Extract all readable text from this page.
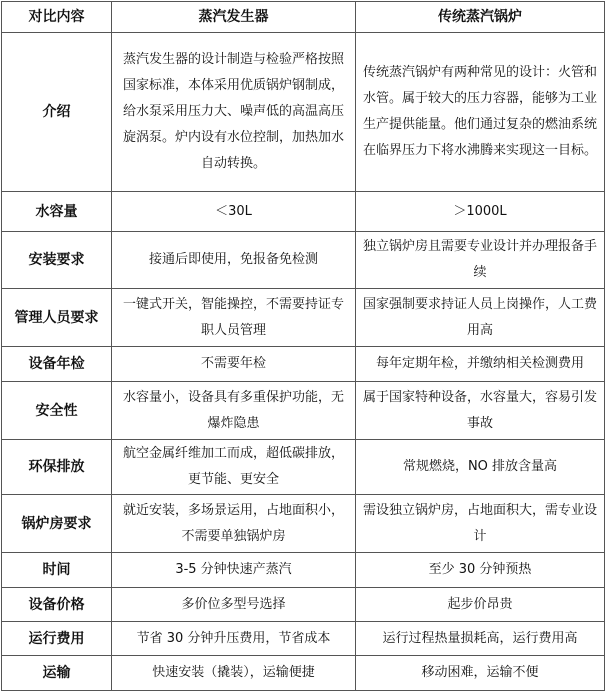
对比内容	蒸汽发生器	传统蒸汽锅炉
介绍	蒸汽发生器的设计制造与检验严格按照国家标准，本体采用优质锅炉钢制成，给水泵采用压力大、噪声低的高温高压旋涡泵。炉内设有水位控制，加热加水自动转换。	传统蒸汽锅炉有两种常见的设计：火管和水管。属于较大的压力容器，能够为工业生产提供能量。他们通过复杂的燃油系统在临界压力下将水沸腾来实现这一目标。
水容量	＜30L	＞1000L
安装要求	接通后即使用，免报备免检测	独立锅炉房且需要专业设计并办理报备手续
管理人员要求	一键式开关，智能操控，不需要持证专职人员管理	国家强制要求持证人员上岗操作，人工费用高
设备年检	不需要年检	每年定期年检，并缴纳相关检测费用
安全性	水容量小，设备具有多重保护功能，无爆炸隐患	属于国家特种设备，水容量大，容易引发事故
环保排放	航空金属纤维加工而成，超低碳排放，更节能、更安全	常规燃烧，NO 排放含量高
锅炉房要求	就近安装，多场景运用，占地面积小，不需要单独锅炉房	需设独立锅炉房，占地面积大，需专业设计
时间	3-5 分钟快速产蒸汽	至少 30 分钟预热
设备价格	多价位多型号选择	起步价昂贵
运行费用	节省 30 分钟升压费用，节省成本	运行过程热量损耗高，运行费用高
运输	快速安装（撬装），运输便捷	移动困难，运输不便
